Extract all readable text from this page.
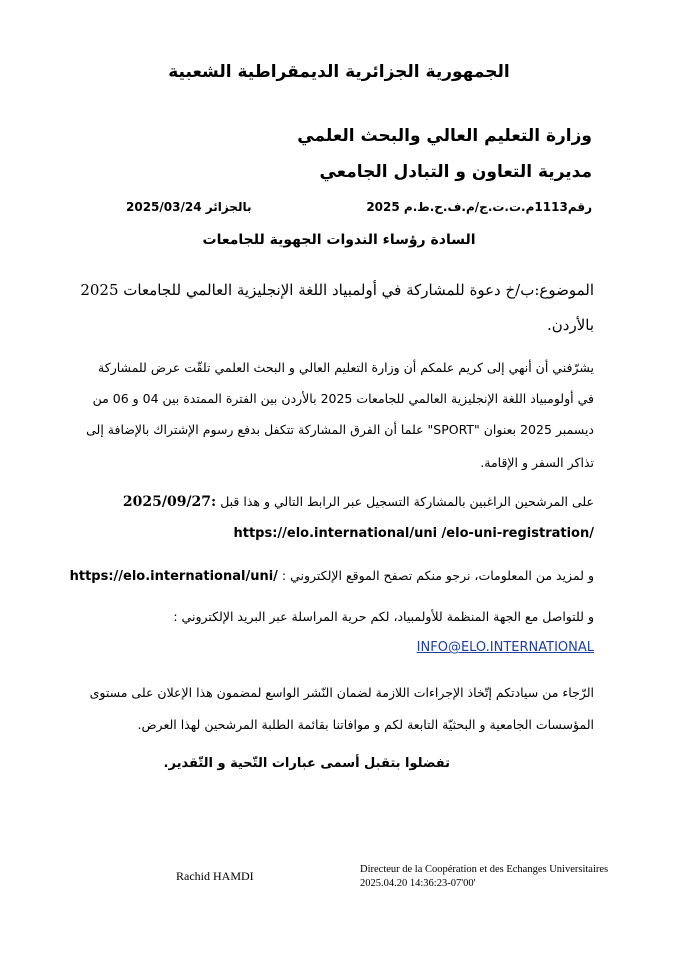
الجمهورية الجزائرية الديمقراطية الشعبية
وزارة التعليم العالي والبحث العلمي
مديرية التعاون و التبادل الجامعي
رقم1113م.ت.ت.ج/م.ف.ح.ط.م 2025
بالجزائر 2025/03/24
السادة رؤساء الندوات الجهوية للجامعات
الموضوع:ب/خ دعوة للمشاركة في أولمبياد اللغة الإنجليزية العالمي للجامعات 2025
بالأردن.
يشرّفني أن أنهي إلى كريم علمكم أن وزارة التعليم العالي و البحث العلمي تلقّت عرض للمشاركة
في أولومبياد اللغة الإنجليزية العالمي للجامعات 2025 بالأردن بين الفترة الممتدة بين 04 و 06 من
ديسمبر 2025 بعنوان "SPORT" علما أن الفرق المشاركة تتكفل بدفع رسوم الإشتراك بالإضافة إلى
تذاكر السفر و الإقامة.
على المرشحين الراغبين بالمشاركة التسجيل عبر الرابط التالي و هذا قبل 2025/09/27:
https://elo.international/uni /elo-uni-registration/
و لمزيد من المعلومات، نرجو منكم تصفح الموقع الإلكتروني : https://elo.international/uni/
و للتواصل مع الجهة المنظمة للأولمبياد، لكم حرية المراسلة عبر البريد الإلكتروني :
INFO@ELO.INTERNATIONAL
الرّجاء من سيادتكم إتّخاذ الإجراءات اللازمة لضمان النّشر الواسع لمضمون هذا الإعلان على مستوى
المؤسسات الجامعية و البحثيّة التابعة لكم و موافاتنا بقائمة الطلبة المرشحين لهذا العرض.
تفضلوا بتقبل أسمى عبارات التّحية و التّقدير.
Rachid HAMDI	Directeur de la Coopération et des Echanges Universitaires
2025.04.20 14:36:23-07'00'
